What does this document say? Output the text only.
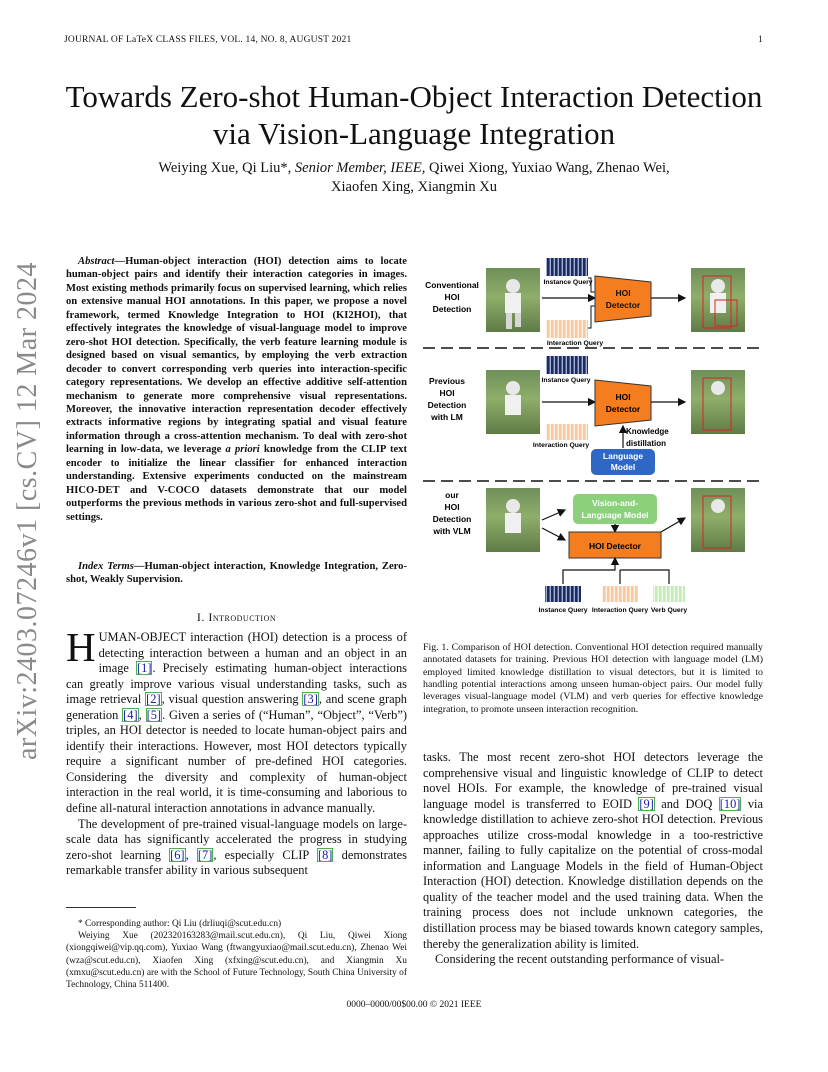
JOURNAL OF LaTeX CLASS FILES, VOL. 14, NO. 8, AUGUST 2021	1
Towards Zero-shot Human-Object Interaction Detection via Vision-Language Integration
Weiying Xue, Qi Liu*, Senior Member, IEEE, Qiwei Xiong, Yuxiao Wang, Zhenao Wei,
Xiaofen Xing, Xiangmin Xu
arXiv:2403.07246v1 [cs.CV] 12 Mar 2024
Abstract—Human-object interaction (HOI) detection aims to locate human-object pairs and identify their interaction categories in images. Most existing methods primarily focus on supervised learning, which relies on extensive manual HOI annotations. In this paper, we propose a novel framework, termed Knowledge Integration to HOI (KI2HOI), that effectively integrates the knowledge of visual-language model to improve zero-shot HOI detection. Specifically, the verb feature learning module is designed based on visual semantics, by employing the verb extraction decoder to convert corresponding verb queries into interaction-specific category representations. We develop an effective additive self-attention mechanism to generate more comprehensive visual representations. Moreover, the innovative interaction representation decoder effectively extracts informative regions by integrating spatial and visual feature information through a cross-attention mechanism. To deal with zero-shot learning in low-data, we leverage a priori knowledge from the CLIP text encoder to initialize the linear classifier for enhanced interaction understanding. Extensive experiments conducted on the mainstream HICO-DET and V-COCO datasets demonstrate that our model outperforms the previous methods in various zero-shot and full-supervised settings.
Index Terms—Human-object interaction, Knowledge Integration, Zero-shot, Weakly Supervision.
I. Introduction

HUMAN-OBJECT interaction (HOI) detection is a process of detecting interaction between a human and an object in an image [1]. Precisely estimating human-object interactions can greatly improve various visual understanding tasks, such as image retrieval [2], visual question answering [3], and scene graph generation [4], [5]. Given a series of (“Human”, “Object”, “Verb”) triples, an HOI detector is needed to locate human-object pairs and identify their interactions. However, most HOI detectors typically require a significant number of pre-defined HOI categories. Considering the diversity and complexity of human-object interaction in the real world, it is time-consuming and laborious to define all-natural interaction annotations in advance manually.

The development of pre-trained visual-language models on large-scale data has significantly accelerated the progress in studying zero-shot learning [6], [7], especially CLIP [8] demonstrates remarkable transfer ability in various subsequent

* Corresponding author: Qi Liu (drliuqi@scut.edu.cn)

Weiying Xue (202320163283@mail.scut.edu.cn), Qi Liu, Qiwei Xiong (xiongqiwei@vip.qq.com), Yuxiao Wang (ftwangyuxiao@mail.scut.edu.cn), Zhenao Wei (wza@scut.edu.cn), Xiaofen Xing (xfxing@scut.edu.cn), and Xiangmin Xu (xmxu@scut.edu.cn) are with the School of Future Technology, South China University of Technology, China 511400.

Conventional
HOI
Detection
Instance Query
Interaction Query
HOI
Detector
Previous
HOI
Detection
with LM
Instance Query
Interaction Query
HOI
Detector
Knowledge
distillation
Language
Model
our
HOI
Detection
with VLM
Vision-and-
Language Model
HOI Detector
Instance Query Interaction Query Verb Query
Fig. 1. Comparison of HOI detection. Conventional HOI detection required manually annotated datasets for training. Previous HOI detection with language model (LM) employed limited knowledge distillation to visual detectors, but it is limited to handling potential interactions among unseen human-object pairs. Our model fully leverages visual-language model (VLM) and verb queries for effective knowledge integration, to promote unseen interaction recognition.

tasks. The most recent zero-shot HOI detectors leverage the comprehensive visual and linguistic knowledge of CLIP to detect novel HOIs. For example, the knowledge of pre-trained visual language model is transferred to EOID [9] and DOQ [10] via knowledge distillation to achieve zero-shot HOI detection. Previous approaches utilize cross-modal knowledge in a too-restrictive manner, failing to fully capitalize on the potential of cross-modal information and Language Models in the field of Human-Object Interaction (HOI) detection. Knowledge distillation depends on the quality of the teacher model and the used training data. When the training process does not include unknown categories, the distillation process may be biased towards known category samples, thereby the generalization ability is limited.

Considering the recent outstanding performance of visual-

0000–0000/00$00.00 © 2021 IEEE
